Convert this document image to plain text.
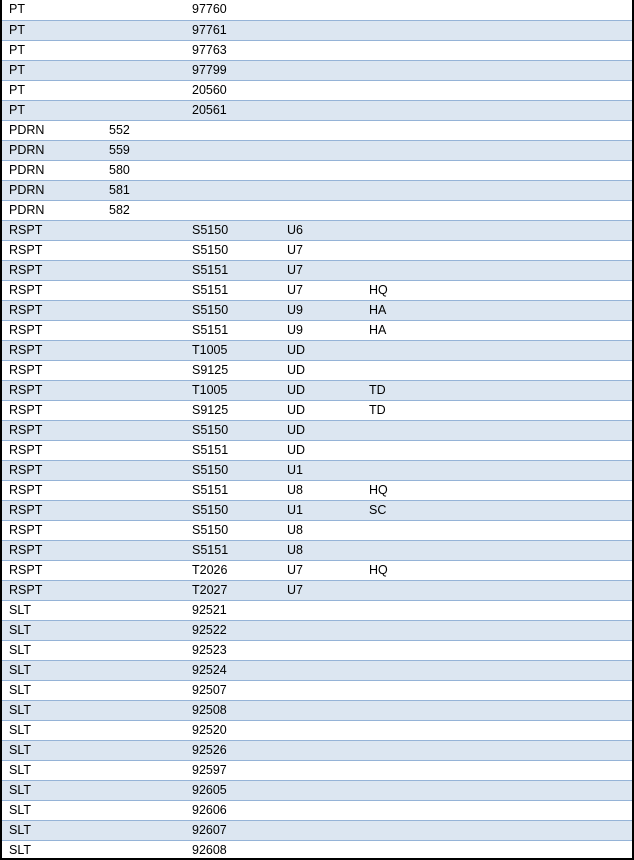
PT		97760		
PT		97761		
PT		97763		
PT		97799		
PT		20560		
PT		20561		
PDRN	552			
PDRN	559			
PDRN	580			
PDRN	581			
PDRN	582			
RSPT		S5150	U6	
RSPT		S5150	U7	
RSPT		S5151	U7	
RSPT		S5151	U7	HQ
RSPT		S5150	U9	HA
RSPT		S5151	U9	HA
RSPT		T1005	UD	
RSPT		S9125	UD	
RSPT		T1005	UD	TD
RSPT		S9125	UD	TD
RSPT		S5150	UD	
RSPT		S5151	UD	
RSPT		S5150	U1	
RSPT		S5151	U8	HQ
RSPT		S5150	U1	SC
RSPT		S5150	U8	
RSPT		S5151	U8	
RSPT		T2026	U7	HQ
RSPT		T2027	U7	
SLT		92521		
SLT		92522		
SLT		92523		
SLT		92524		
SLT		92507		
SLT		92508		
SLT		92520		
SLT		92526		
SLT		92597		
SLT		92605		
SLT		92606		
SLT		92607		
SLT		92608		
